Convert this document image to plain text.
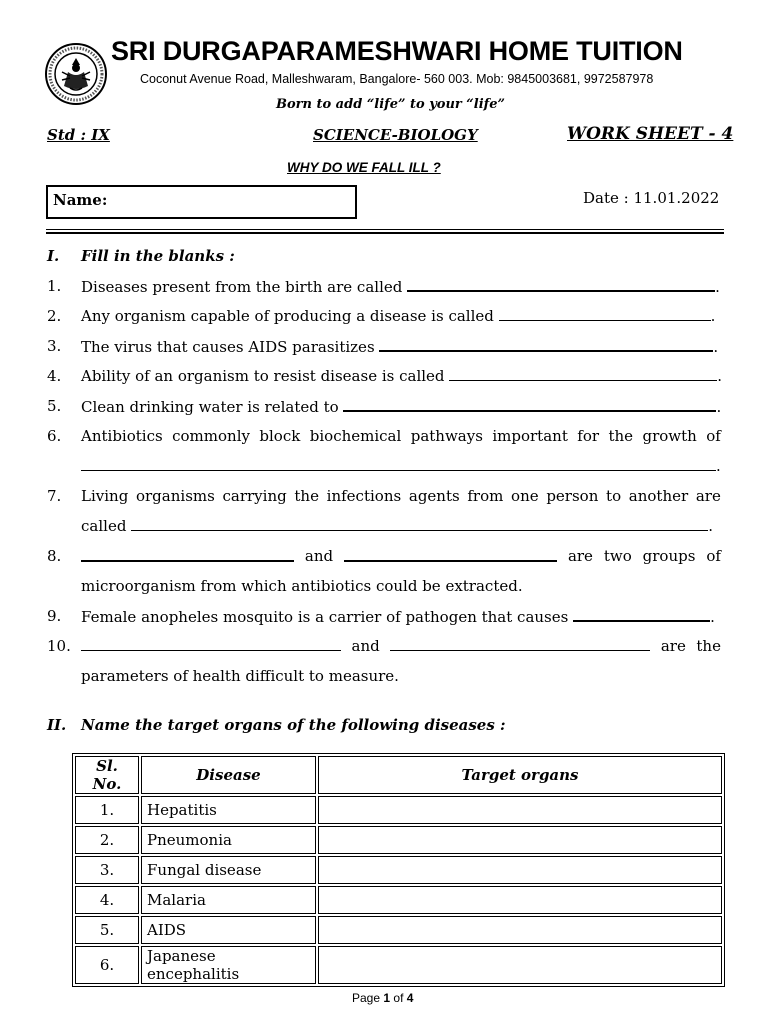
SRI DURGAPARAMESHWARI HOME TUITION
Coconut Avenue Road, Malleshwaram, Bangalore- 560 003. Mob: 9845003681, 9972587978
Born to add “life” to your “life”
Std : IX	SCIENCE-BIOLOGY	WORK SHEET - 4
WHY DO WE FALL ILL ?
Name:	Date : 11.01.2022
I. Fill in the blanks :
1. Diseases present from the birth are called	.
2. Any organism capable of producing a disease is called	.
3. The virus that causes AIDS parasitizes	.
4. Ability of an organism to resist disease is called	.
5. Clean drinking water is related to	.
6. Antibiotics commonly block biochemical pathways important for the growth of
.
7. Living organisms carrying the infections agents from one person to another are
called	.
8.	and	are two groups of
microorganism from which antibiotics could be extracted.
9. Female anopheles mosquito is a carrier of pathogen that causes	.
10.	and	are the
parameters of health difficult to measure.
II. Name the target organs of the following diseases :
Sl. No.	Disease	Target organs
1.	Hepatitis	
2.	Pneumonia	
3.	Fungal disease	
4.	Malaria	
5.	AIDS	
6.	Japanese encephalitis	
Page 1 of 4
